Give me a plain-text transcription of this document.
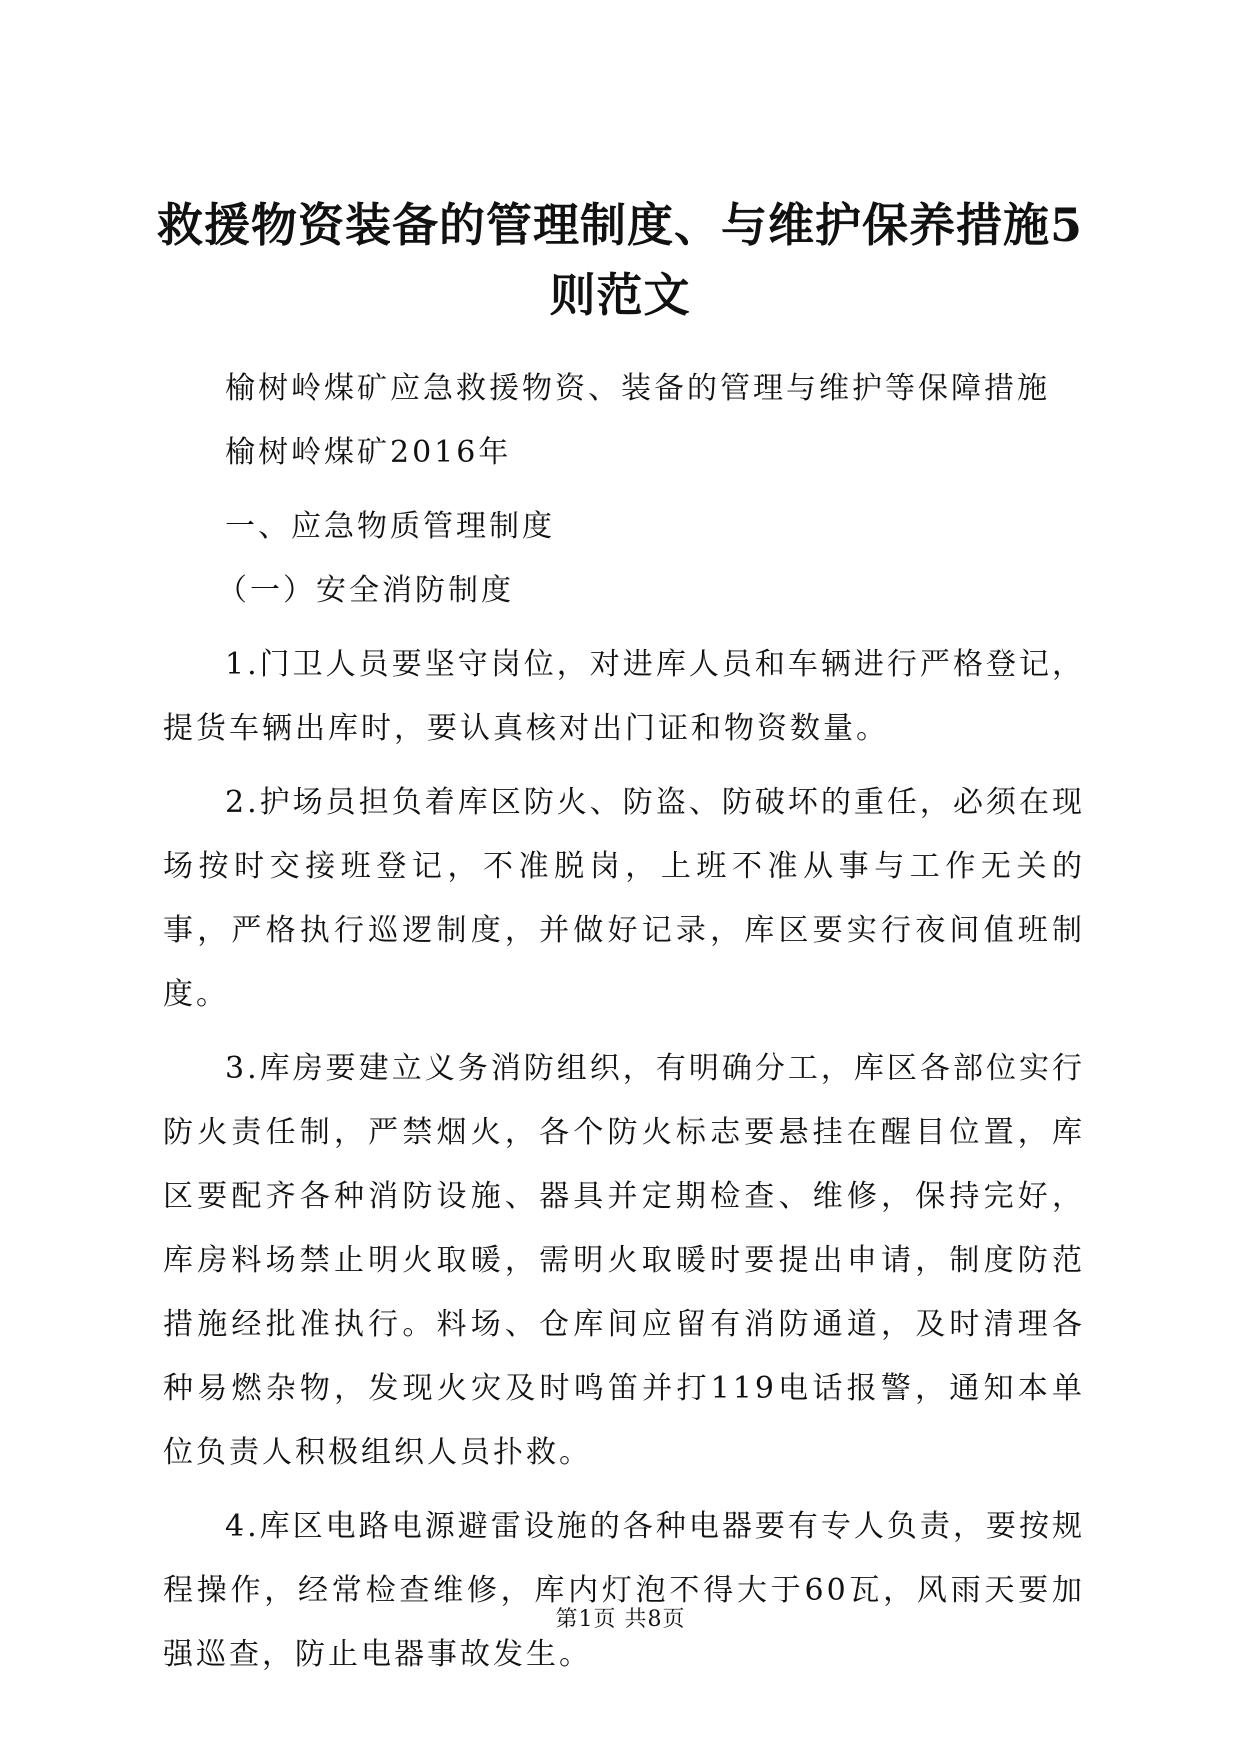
救援物资装备的管理制度、与维护保养措施5则范文

榆树岭煤矿应急救援物资、装备的管理与维护等保障措施

榆树岭煤矿2016年

一、应急物质管理制度

（一）安全消防制度

1.门卫人员要坚守岗位，对进库人员和车辆进行严格登记，提货车辆出库时，要认真核对出门证和物资数量。

2.护场员担负着库区防火、防盗、防破坏的重任，必须在现场按时交接班登记，不准脱岗，上班不准从事与工作无关的事，严格执行巡逻制度，并做好记录，库区要实行夜间值班制度。

3.库房要建立义务消防组织，有明确分工，库区各部位实行防火责任制，严禁烟火，各个防火标志要悬挂在醒目位置，库区要配齐各种消防设施、器具并定期检查、维修，保持完好，库房料场禁止明火取暖，需明火取暖时要提出申请，制度防范措施经批准执行。料场、仓库间应留有消防通道，及时清理各种易燃杂物，发现火灾及时鸣笛并打119电话报警，通知本单位负责人积极组织人员扑救。

4.库区电路电源避雷设施的各种电器要有专人负责，要按规程操作，经常检查维修，库内灯泡不得大于60瓦，风雨天要加强巡查，防止电器事故发生。

第1页 共8页
